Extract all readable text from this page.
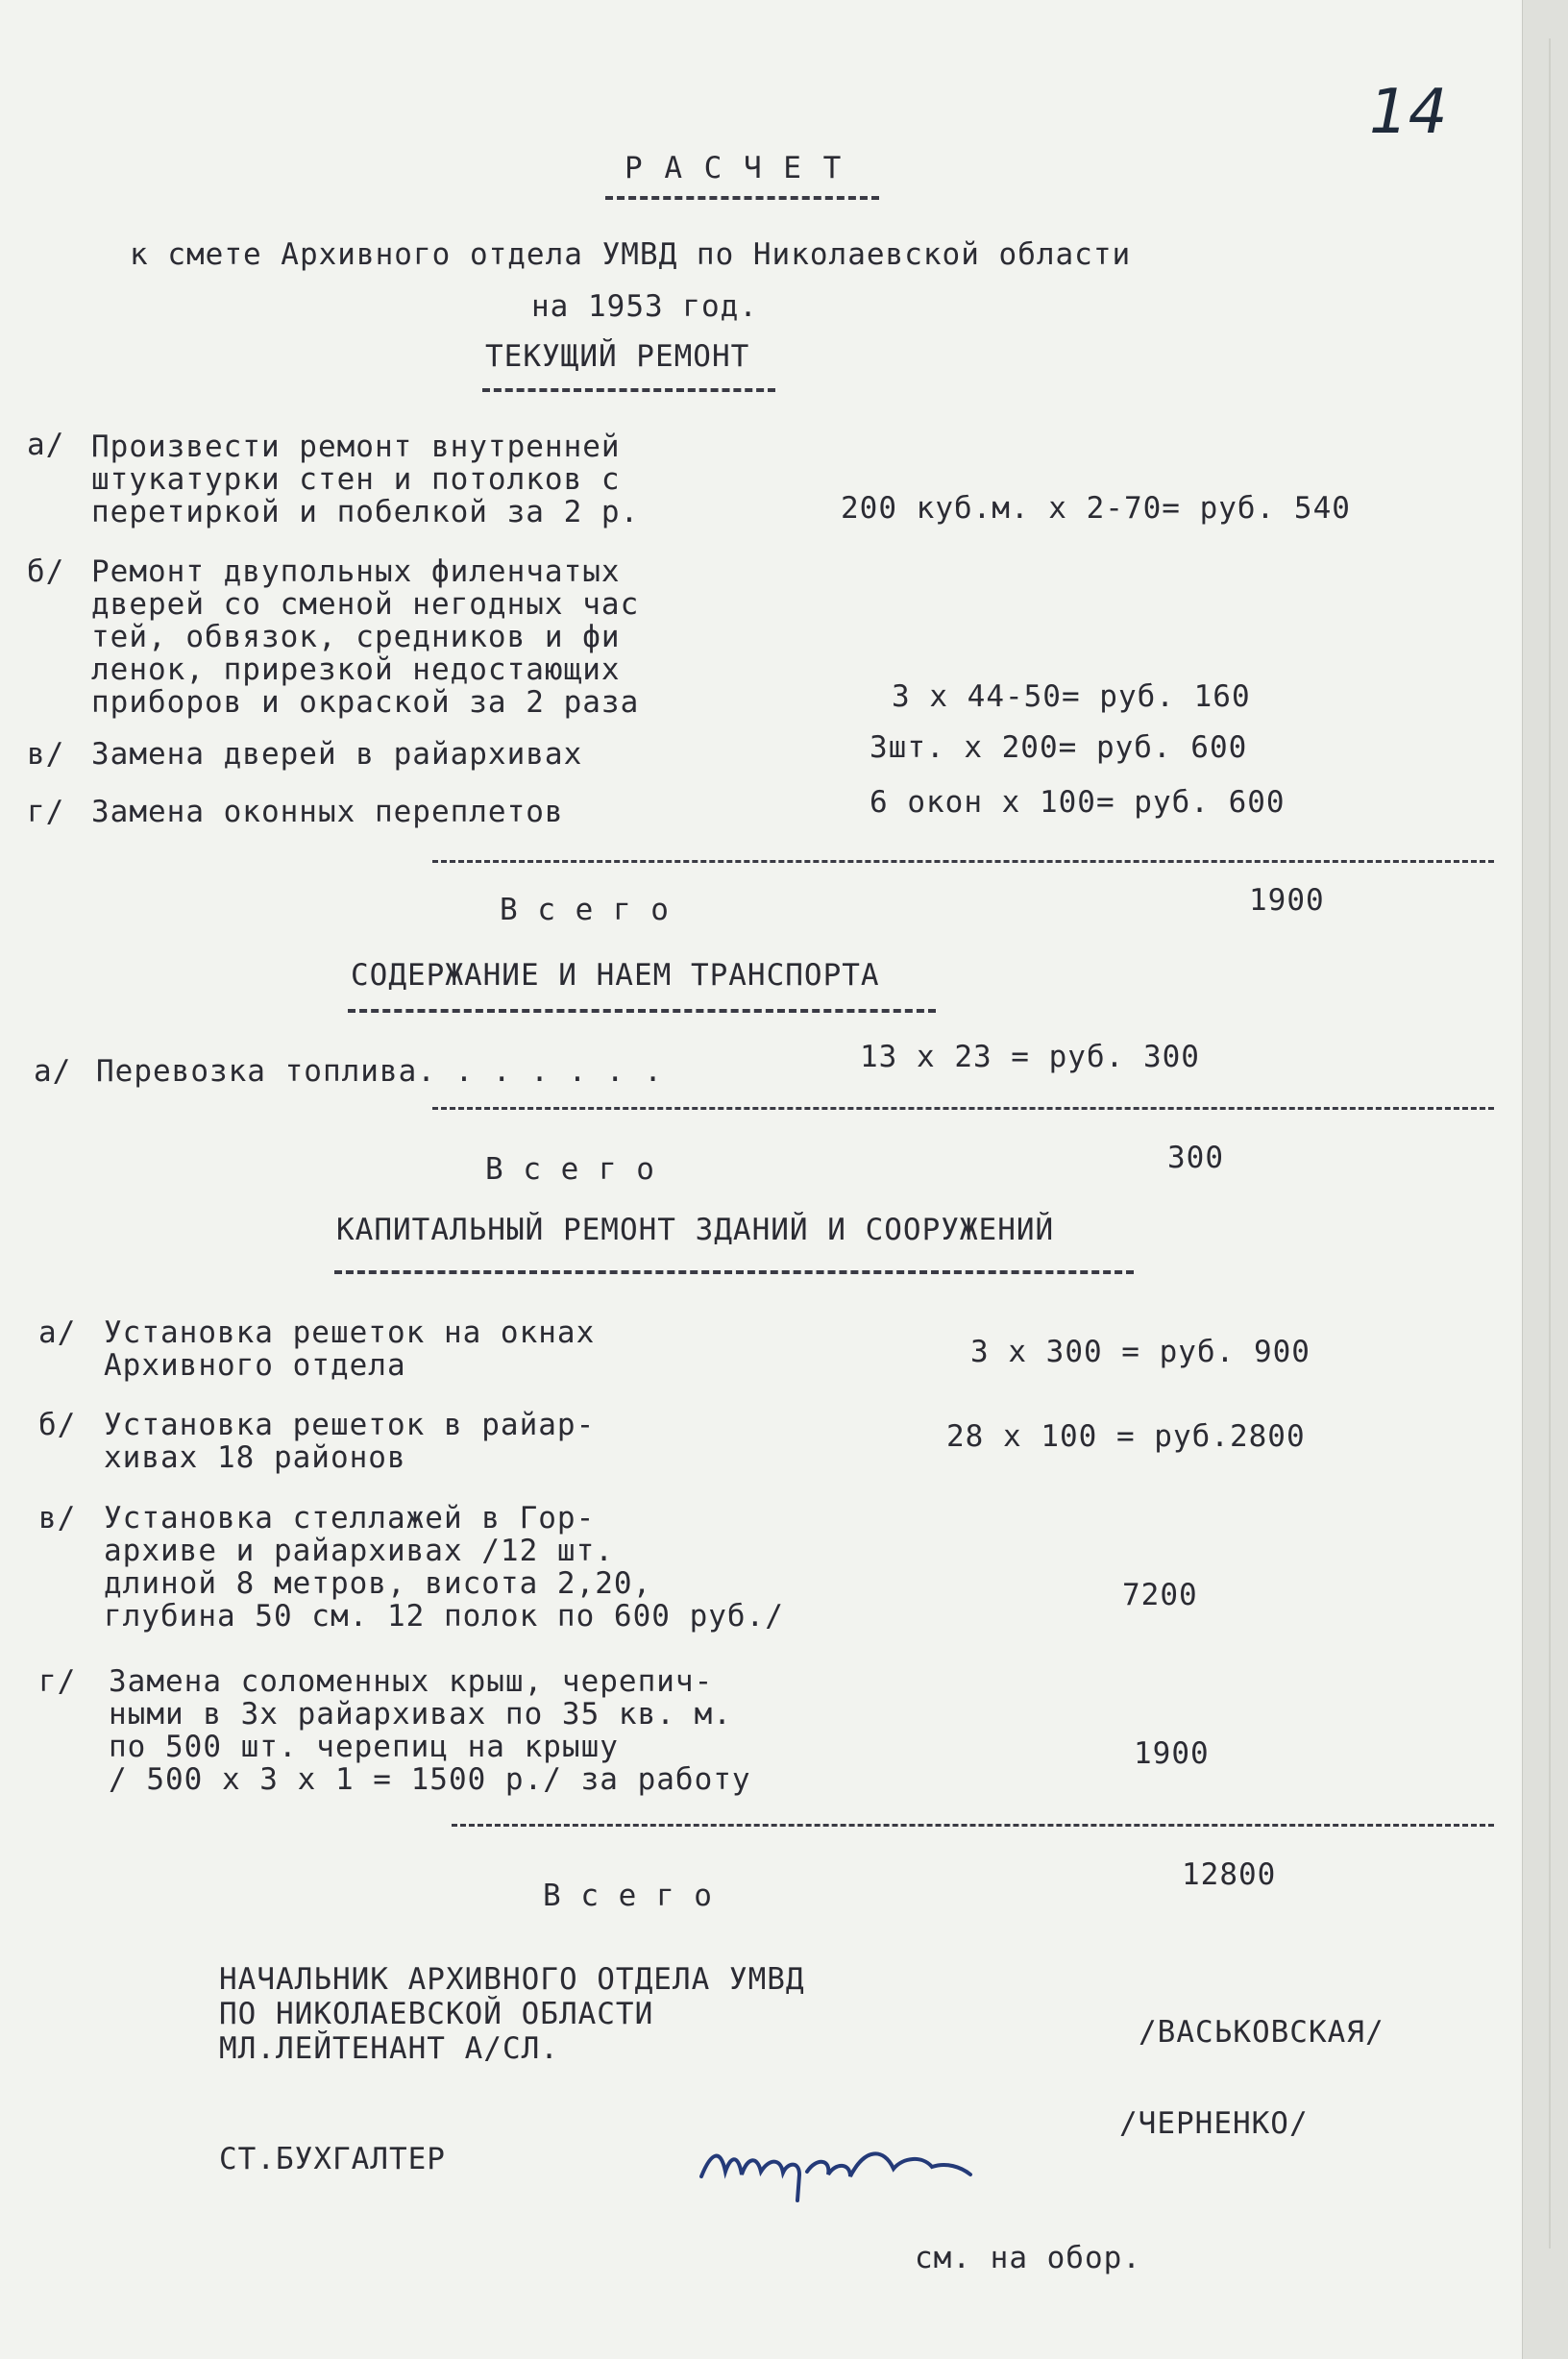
14
Р А С Ч Е Т
к смете Архивного отдела УМВД по Николаевской области
на 1953 год.
ТЕКУЩИЙ РЕМОНТ
а/ Произвести ремонт внутренней
штукатурки стен и потолков с
перетиркой и побелкой за 2 р.	200 куб.м. х 2-70= руб. 540
б/ Ремонт двупольных филенчатых
дверей со сменой негодных час
тей, обвязок, средников и фи
ленок, прирезкой недостающих
приборов и окраской за 2 раза	3 х 44-50= руб. 160
в/ Замена дверей в райархивах	3шт. х 200= руб. 600
г/ Замена оконных переплетов	6 окон х 100= руб. 600
В с е г о	1900
СОДЕРЖАНИЕ И НАЕМ ТРАНСПОРТА
а/ Перевозка топлива. . . . . . .	13 х 23 = руб. 300
В с е г о	300
КАПИТАЛЬНЫЙ РЕМОНТ ЗДАНИЙ И СООРУЖЕНИЙ
а/ Установка решеток на окнах
Архивного отдела	3 х 300 = руб. 900
б/ Установка решеток в райар-
хивах 18 районов
28 х 100 = руб.2800
в/ Установка стеллажей в Гор-
архиве и райархивах /12 шт.
длиной 8 метров, висота 2,20,
глубина 50 см. 12 полок по 600 руб./
7200
г/ Замена соломенных крыш, черепич-
ными в 3х райархивах по 35 кв. м.
по 500 шт. черепиц на крышу
/ 500 х 3 х 1 = 1500 р./ за работу
1900
В с е г о
12800
НАЧАЛЬНИК АРХИВНОГО ОТДЕЛА УМВД
ПО НИКОЛАЕВСКОЙ ОБЛАСТИ
МЛ.ЛЕЙТЕНАНТ А/СЛ.	/ВАСЬКОВСКАЯ/
СТ.БУХГАЛТЕР
/ЧЕРНЕНКО/
см. на обор.
